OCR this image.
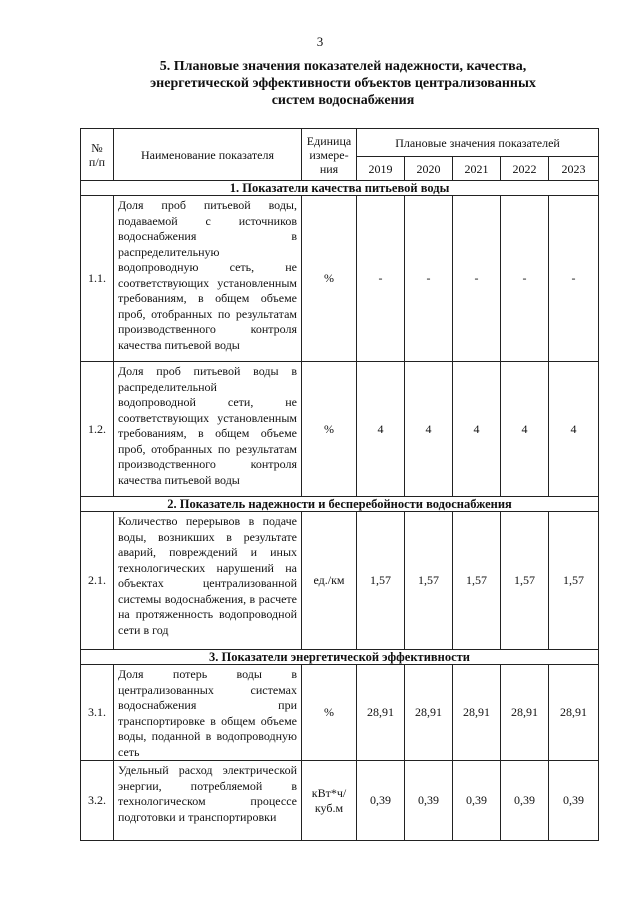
3
5. Плановые значения показателей надежности, качества,
энергетической эффективности объектов централизованных
систем водоснабжения
№ п/п	Наименование показателя	Единица измере- ния	Плановые значения показателей				
			2019	2020	2021	2022	2023
1. Показатели качества питьевой воды							
1.1.	Доля проб питьевой воды, подаваемой с источников водоснабжения в распределительную водопроводную сеть, не соответствующих установленным требованиям, в общем объеме проб, отобранных по результатам производственного контроля качества питьевой воды	%	-	-	-	-	-
1.2.	Доля проб питьевой воды в распределительной водопроводной сети, не соответствующих установленным требованиям, в общем объеме проб, отобранных по результатам производственного контроля качества питьевой воды	%	4	4	4	4	4
2. Показатель надежности и бесперебойности водоснабжения							
2.1.	Количество перерывов в подаче воды, возникших в результате аварий, повреждений и иных технологических нарушений на объектах централизованной системы водоснабжения, в расчете на протяженность водопроводной сети в год	ед./км	1,57	1,57	1,57	1,57	1,57
3. Показатели энергетической эффективности							
3.1.	Доля потерь воды в централизованных системах водоснабжения при транспортировке в общем объеме воды, поданной в водопроводную сеть	%	28,91	28,91	28,91	28,91	28,91
3.2.	Удельный расход электрической энергии, потребляемой в технологическом процессе подготовки и транспортировки	кВт*ч/ куб.м	0,39	0,39	0,39	0,39	0,39
